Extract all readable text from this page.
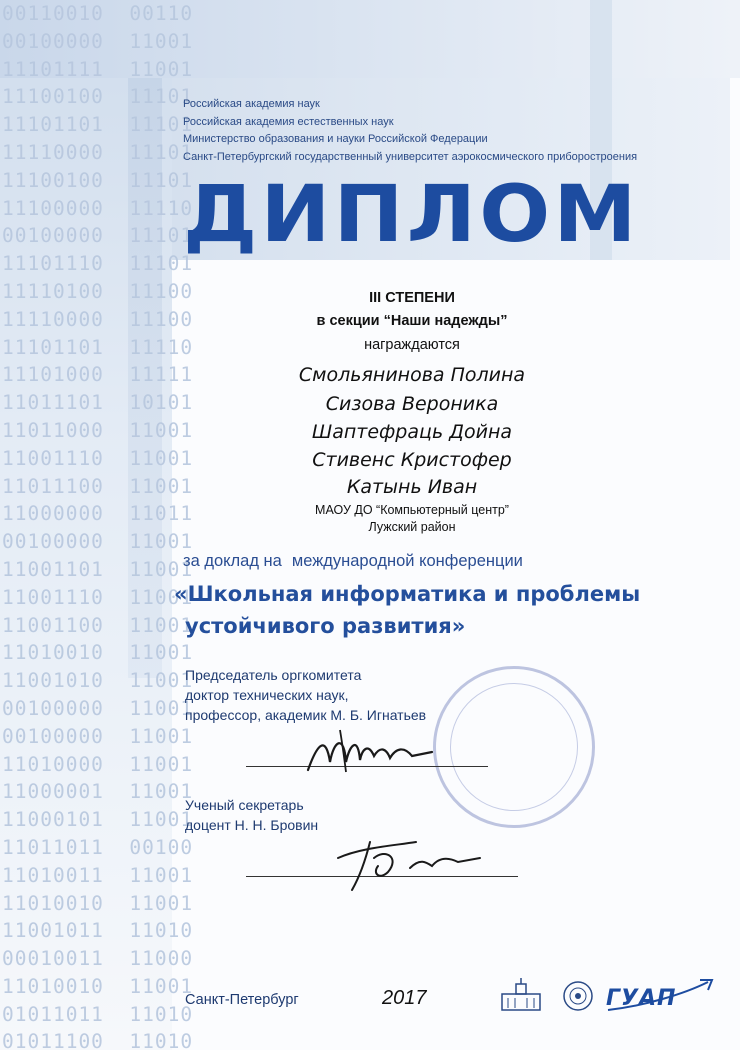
00110010  00110
00100000  11001
11101111  11001
11100100  11101
11101101  11101
11110000  11101
11100100  11101
11100000  11110
00100000  11101
11101110  11101
11110100  11100
11110000  11100
11101101  11110
11101000  11111
11011101  10101
11011000  11001
11001110  11001
11011100  11001
11000000  11011
00100000  11001
11001101  11001
11001110  11001
11001100  11001
11010010  11001
11001010  11001
00100000  11001
00100000  11001
11010000  11001
11000001  11001
11000101  11001
11011011  00100
11010011  11001
11010010  11001
11001011  11010
00010011  11000
11010010  11001
01011011  11010
01011100  11010
Российская академия наук
Российская академия естественных наук
Министерство образования и науки Российской Федерации
Санкт-Петербургский государственный университет аэрокосмического приборостроения
ДИПЛОМ
III СТЕПЕНИ
в секции “Наши надежды”
награждаются
Смольянинова Полина
Сизова Вероника
Шаптефраць Дойна
Стивенс Кристофер
Катынь Иван
МАОУ ДО “Компьютерный центр”
Лужский район
за доклад на международной конференции
«Школьная информатика и проблемы
устойчивого развития»
Председатель оргкомитета
доктор технических наук,
профессор, академик М. Б. Игнатьев
Ученый секретарь
доцент Н. Н. Бровин
Санкт-Петербург	2017	ГУАП
